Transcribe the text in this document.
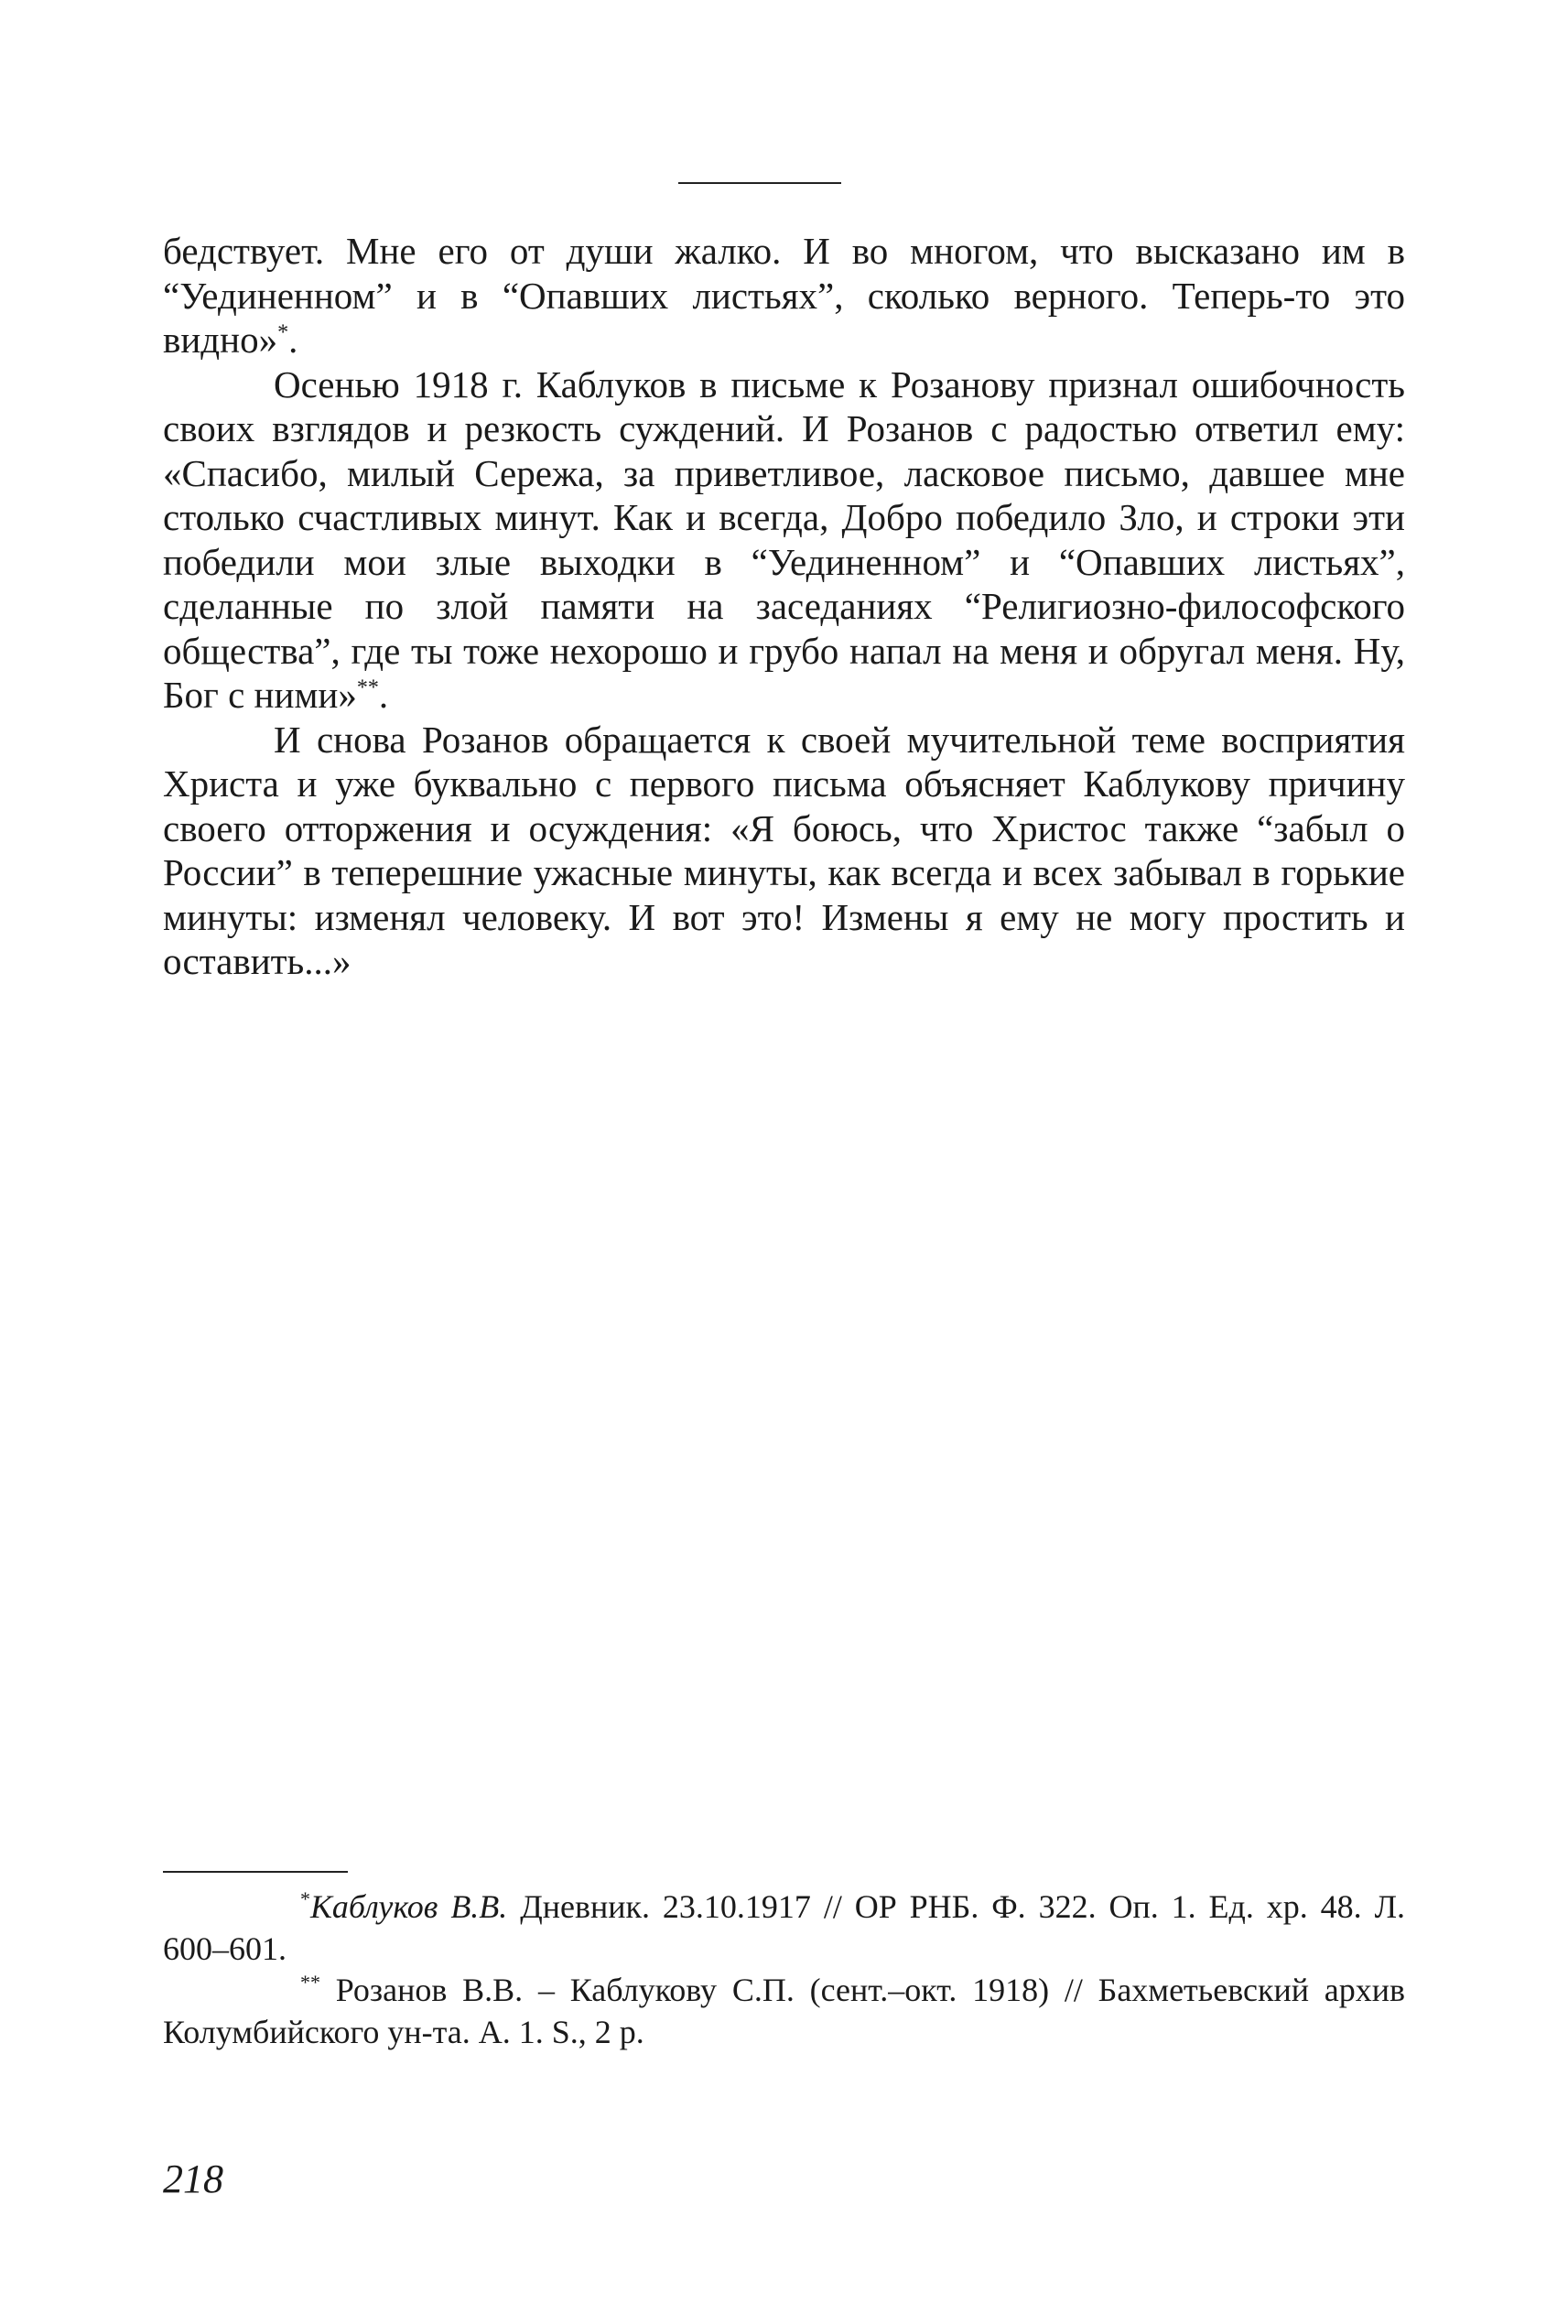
бедствует. Мне его от души жалко. И во многом, что высказано им в “Уединенном” и в “Опавших листьях”, сколько верного. Теперь-то это видно»*.

Осенью 1918 г. Каблуков в письме к Розанову признал ошибочность своих взглядов и резкость суждений. И Розанов с радостью ответил ему: «Спасибо, милый Сережа, за приветливое, ласковое письмо, давшее мне столько счастливых минут. Как и всегда, Добро победило Зло, и строки эти победили мои злые выходки в “Уединенном” и “Опавших листьях”, сделанные по злой памяти на заседаниях “Религиозно-философского общества”, где ты тоже нехорошо и грубо напал на меня и обругал меня. Ну, Бог с ними»**.

И снова Розанов обращается к своей мучительной теме восприятия Христа и уже буквально с первого письма объясняет Каблукову причину своего отторжения и осуждения: «Я боюсь, что Христос также “забыл о России” в теперешние ужасные минуты, как всегда и всех забывал в горькие минуты: изменял человеку. И вот это! Измены я ему не могу простить и оставить...»

*Каблуков В.В. Дневник. 23.10.1917 // ОР РНБ. Ф. 322. Оп. 1. Ед. хр. 48. Л. 600–601.

** Розанов В.В. – Каблукову С.П. (сент.–окт. 1918) // Бахметьевский архив Колумбийского ун-та. А. 1. S., 2 р.

218
